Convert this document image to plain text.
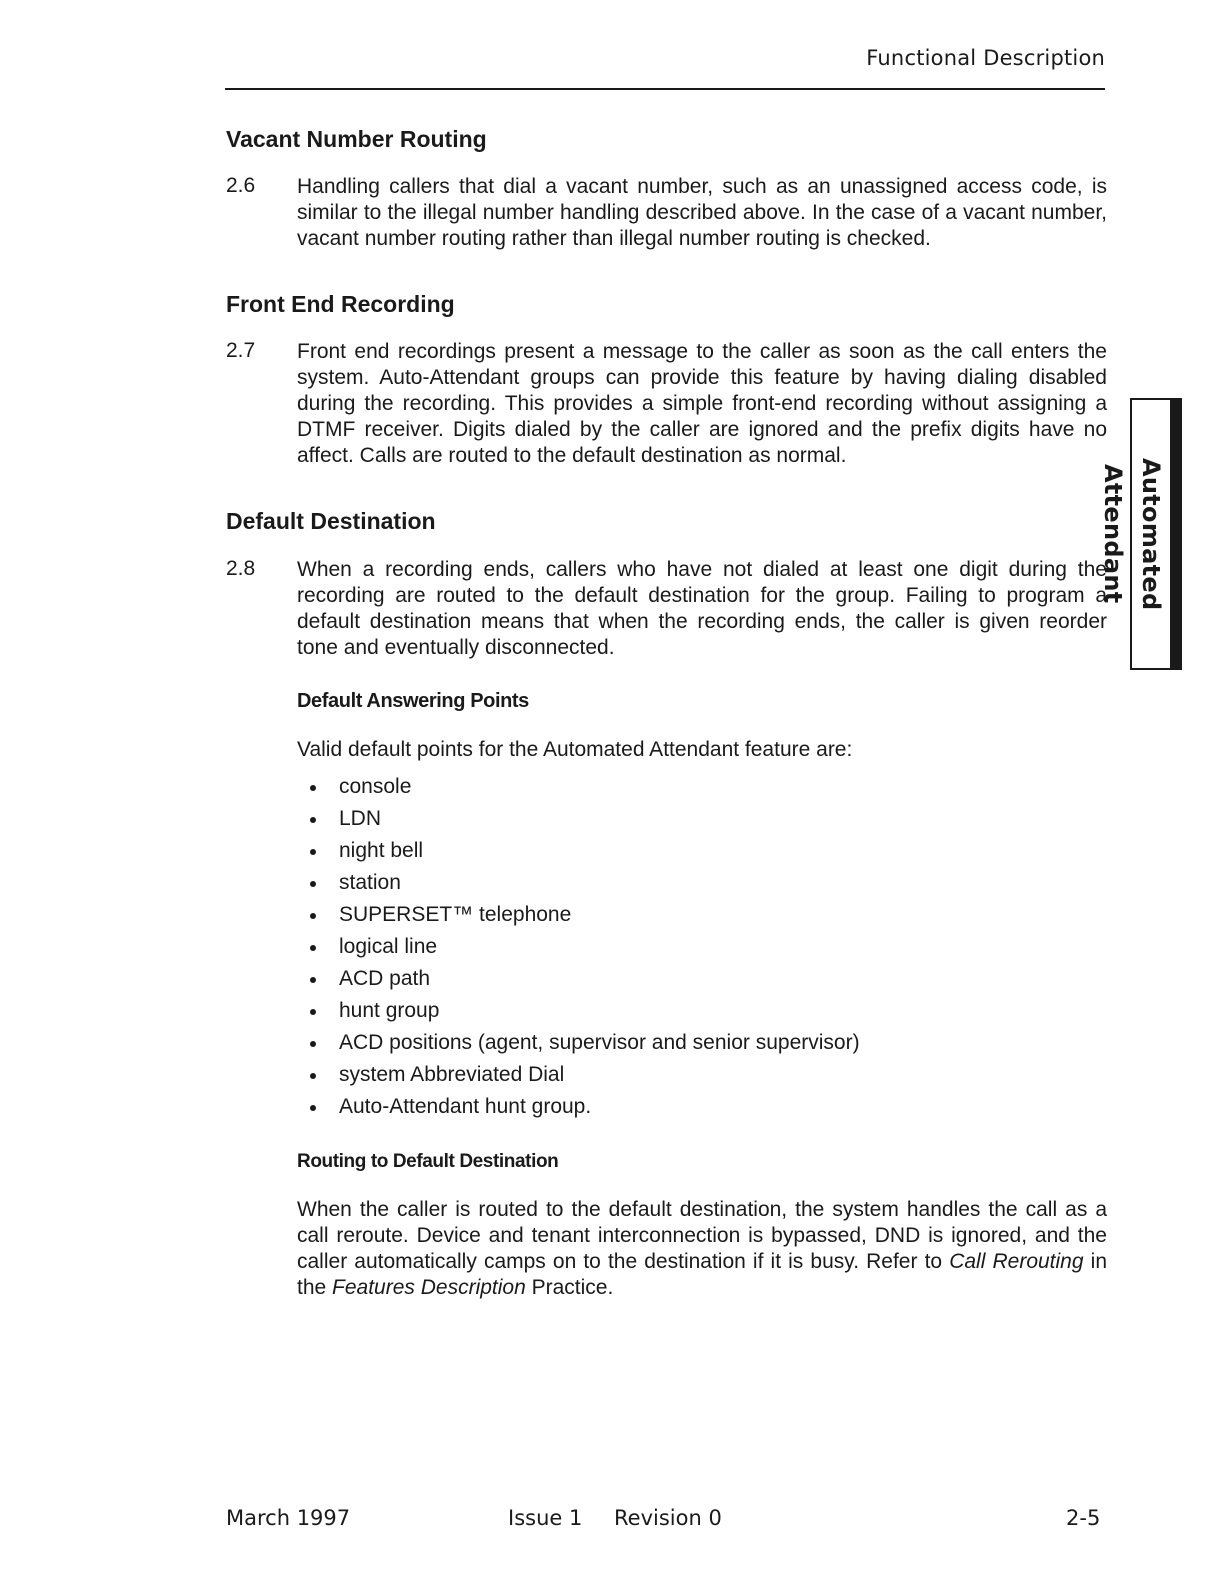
Functional Description
Vacant Number Routing
2.6 Handling callers that dial a vacant number, such as an unassigned access code, is similar to the illegal number handling described above. In the case of a vacant number, vacant number routing rather than illegal number routing is checked.

Front End Recording
2.7 Front end recordings present a message to the caller as soon as the call enters the system. Auto-Attendant groups can provide this feature by having dialing disabled during the recording. This provides a simple front-end recording without assigning a DTMF receiver. Digits dialed by the caller are ignored and the prefix digits have no affect. Calls are routed to the default destination as normal.

Default Destination
2.8 When a recording ends, callers who have not dialed at least one digit during the recording are routed to the default destination for the group. Failing to program a default destination means that when the recording ends, the caller is given reorder tone and eventually disconnected.

Default Answering Points

Valid default points for the Automated Attendant feature are:

console
LDN
night bell
station
SUPERSET™ telephone
logical line
ACD path
hunt group
ACD positions (agent, supervisor and senior supervisor)
system Abbreviated Dial
Auto-Attendant hunt group.
Routing to Default Destination

When the caller is routed to the default destination, the system handles the call as a call reroute. Device and tenant interconnection is bypassed, DND is ignored, and the caller automatically camps on to the destination if it is busy. Refer to Call Rerouting in the Features Description Practice.

Automated Attendant
March 1997	Issue 1 Revision 0	2-5
